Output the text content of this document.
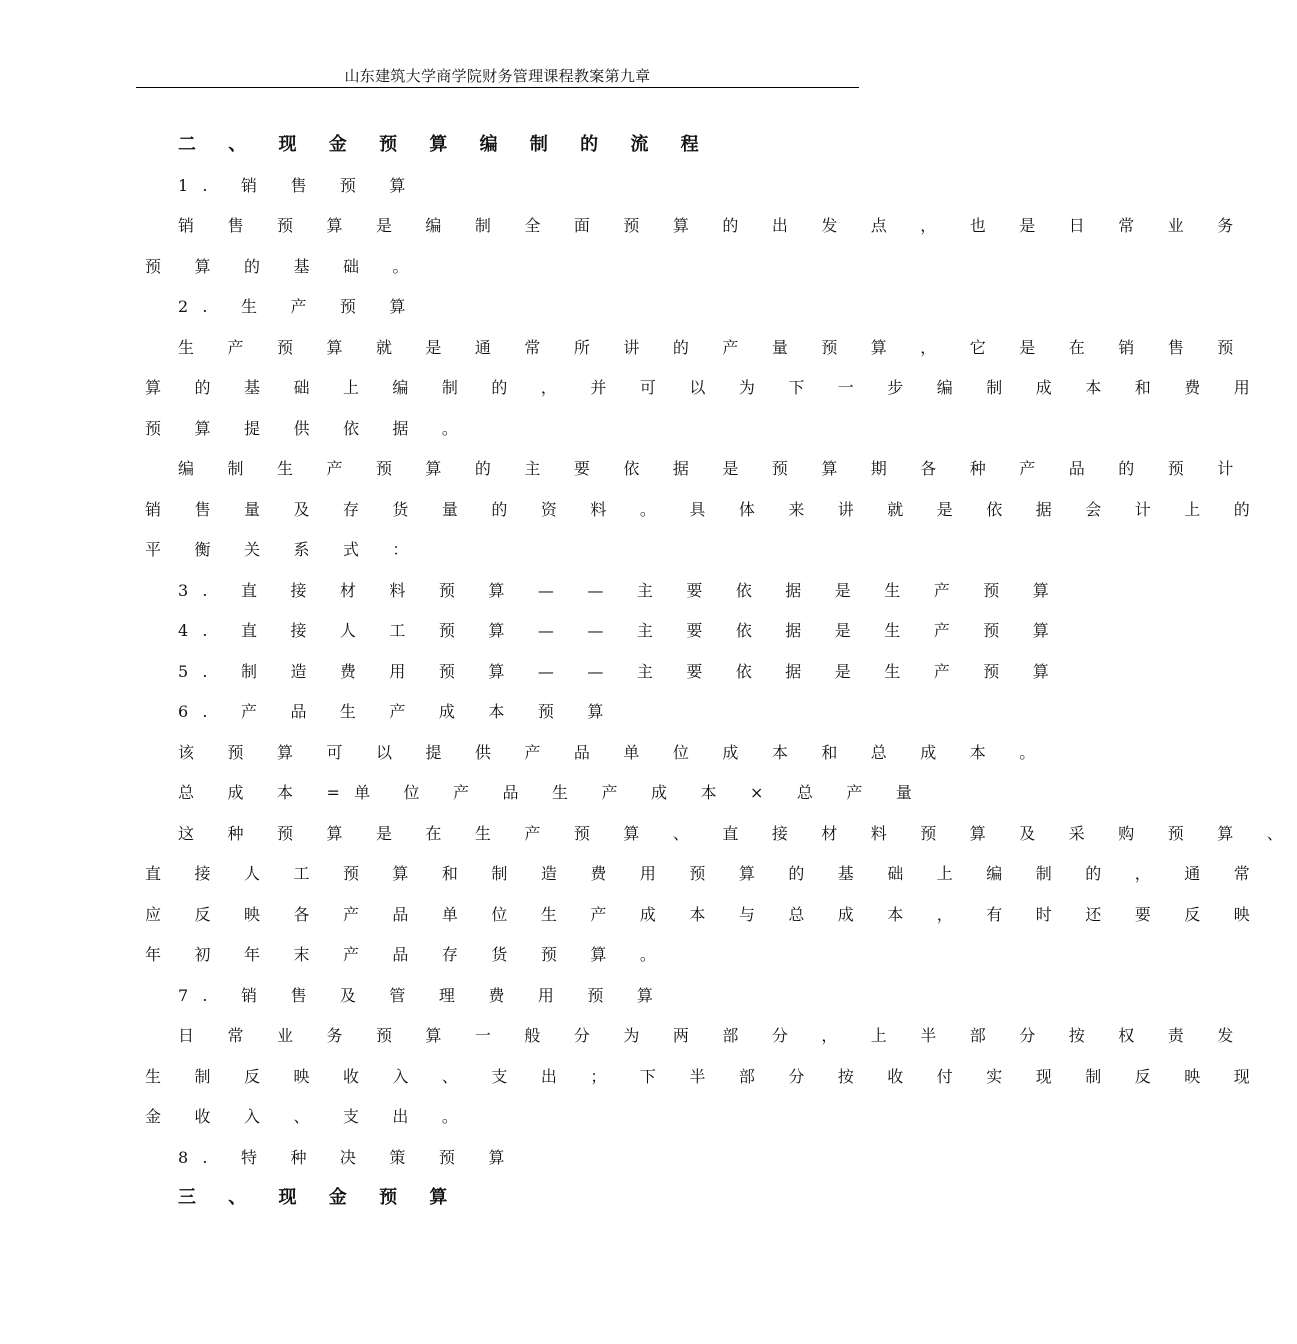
山东建筑大学商学院财务管理课程教案第九章
二 、 现 金 预 算 编 制 的 流 程
1. 销 售 预 算
销 售 预 算 是 编 制 全 面 预 算 的 出 发 点 ， 也 是 日 常 业 务
预 算 的 基 础 。
2. 生 产 预 算
生 产 预 算 就 是 通 常 所 讲 的 产 量 预 算 ， 它 是 在 销 售 预
算 的 基 础 上 编 制 的 ， 并 可 以 为 下 一 步 编 制 成 本 和 费 用
预 算 提 供 依 据 。
编 制 生 产 预 算 的 主 要 依 据 是 预 算 期 各 种 产 品 的 预 计
销 售 量 及 存 货 量 的 资 料 。 具 体 来 讲 就 是 依 据 会 计 上 的
平 衡 关 系 式 ：
3. 直 接 材 料 预 算 — — 主 要 依 据 是 生 产 预 算
4. 直 接 人 工 预 算 — — 主 要 依 据 是 生 产 预 算
5. 制 造 费 用 预 算 — — 主 要 依 据 是 生 产 预 算
6. 产 品 生 产 成 本 预 算
该 预 算 可 以 提 供 产 品 单 位 成 本 和 总 成 本 。
总 成 本 =单 位 产 品 生 产 成 本 × 总 产 量
这 种 预 算 是 在 生 产 预 算 、 直 接 材 料 预 算 及 采 购 预 算 、
直 接 人 工 预 算 和 制 造 费 用 预 算 的 基 础 上 编 制 的 ， 通 常
应 反 映 各 产 品 单 位 生 产 成 本 与 总 成 本 ， 有 时 还 要 反 映
年 初 年 末 产 品 存 货 预 算 。
7. 销 售 及 管 理 费 用 预 算
日 常 业 务 预 算 一 般 分 为 两 部 分 ， 上 半 部 分 按 权 责 发
生 制 反 映 收 入 、 支 出 ； 下 半 部 分 按 收 付 实 现 制 反 映 现
金 收 入 、 支 出 。
8. 特 种 决 策 预 算
三 、 现 金 预 算
